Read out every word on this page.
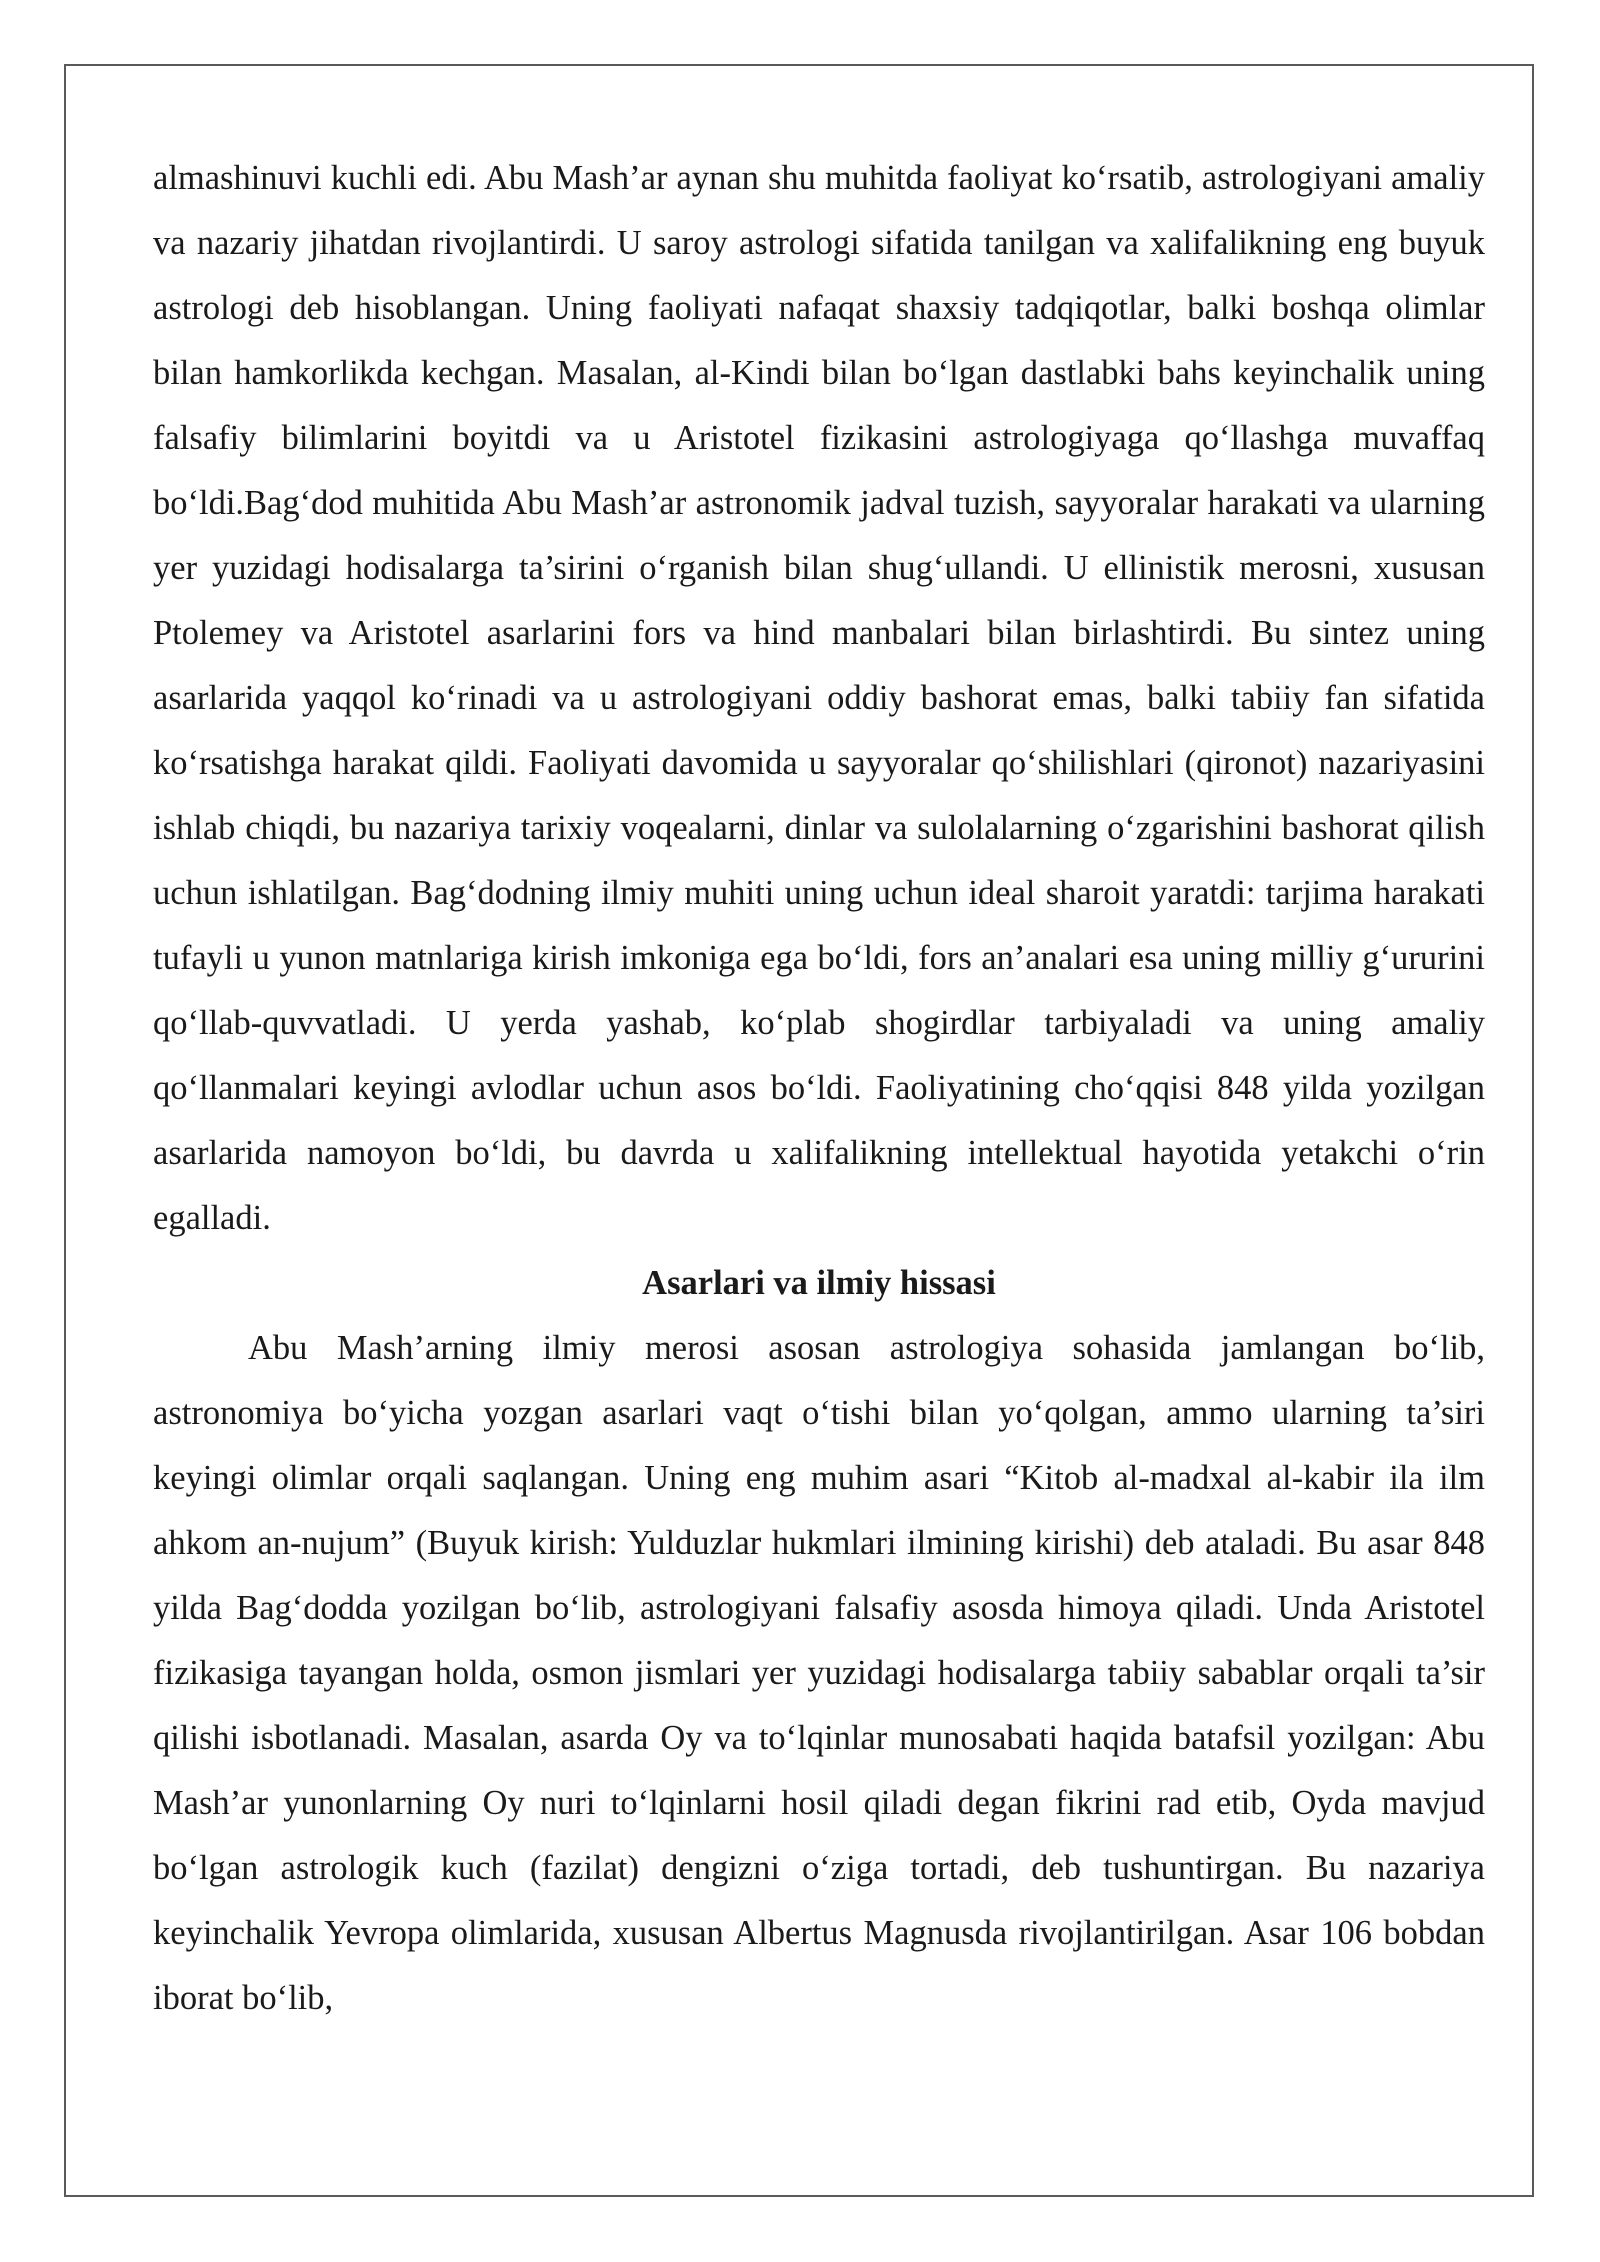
almashinuvi kuchli edi. Abu Mash’ar aynan shu muhitda faoliyat ko‘rsatib, astrologiyani amaliy va nazariy jihatdan rivojlantirdi. U saroy astrologi sifatida tanilgan va xalifalikning eng buyuk astrologi deb hisoblangan. Uning faoliyati nafaqat shaxsiy tadqiqotlar, balki boshqa olimlar bilan hamkorlikda kechgan. Masalan, al-Kindi bilan bo‘lgan dastlabki bahs keyinchalik uning falsafiy bilimlarini boyitdi va u Aristotel fizikasini astrologiyaga qo‘llashga muvaffaq bo‘ldi.Bag‘dod muhitida Abu Mash’ar astronomik jadval tuzish, sayyoralar harakati va ularning yer yuzidagi hodisalarga ta’sirini o‘rganish bilan shug‘ullandi. U ellinistik merosni, xususan Ptolemey va Aristotel asarlarini fors va hind manbalari bilan birlashtirdi. Bu sintez uning asarlarida yaqqol ko‘rinadi va u astrologiyani oddiy bashorat emas, balki tabiiy fan sifatida ko‘rsatishga harakat qildi. Faoliyati davomida u sayyoralar qo‘shilishlari (qironot) nazariyasini ishlab chiqdi, bu nazariya tarixiy voqealarni, dinlar va sulolalarning o‘zgarishini bashorat qilish uchun ishlatilgan. Bag‘dodning ilmiy muhiti uning uchun ideal sharoit yaratdi: tarjima harakati tufayli u yunon matnlariga kirish imkoniga ega bo‘ldi, fors an’analari esa uning milliy g‘ururini qo‘llab-quvvatladi. U yerda yashab, ko‘plab shogirdlar tarbiyaladi va uning amaliy qo‘llanmalari keyingi avlodlar uchun asos bo‘ldi. Faoliyatining cho‘qqisi 848 yilda yozilgan asarlarida namoyon bo‘ldi, bu davrda u xalifalikning intellektual hayotida yetakchi o‘rin egalladi.

Asarlari va ilmiy hissasi

Abu Mash’arning ilmiy merosi asosan astrologiya sohasida jamlangan bo‘lib, astronomiya bo‘yicha yozgan asarlari vaqt o‘tishi bilan yo‘qolgan, ammo ularning ta’siri keyingi olimlar orqali saqlangan. Uning eng muhim asari “Kitob al-madxal al-kabir ila ilm ahkom an-nujum” (Buyuk kirish: Yulduzlar hukmlari ilmining kirishi) deb ataladi. Bu asar 848 yilda Bag‘dodda yozilgan bo‘lib, astrologiyani falsafiy asosda himoya qiladi. Unda Aristotel fizikasiga tayangan holda, osmon jismlari yer yuzidagi hodisalarga tabiiy sabablar orqali ta’sir qilishi isbotlanadi. Masalan, asarda Oy va to‘lqinlar munosabati haqida batafsil yozilgan: Abu Mash’ar yunonlarning Oy nuri to‘lqinlarni hosil qiladi degan fikrini rad etib, Oyda mavjud bo‘lgan astrologik kuch (fazilat) dengizni o‘ziga tortadi, deb tushuntirgan. Bu nazariya keyinchalik Yevropa olimlarida, xususan Albertus Magnusda rivojlantirilgan. Asar 106 bobdan iborat bo‘lib,
